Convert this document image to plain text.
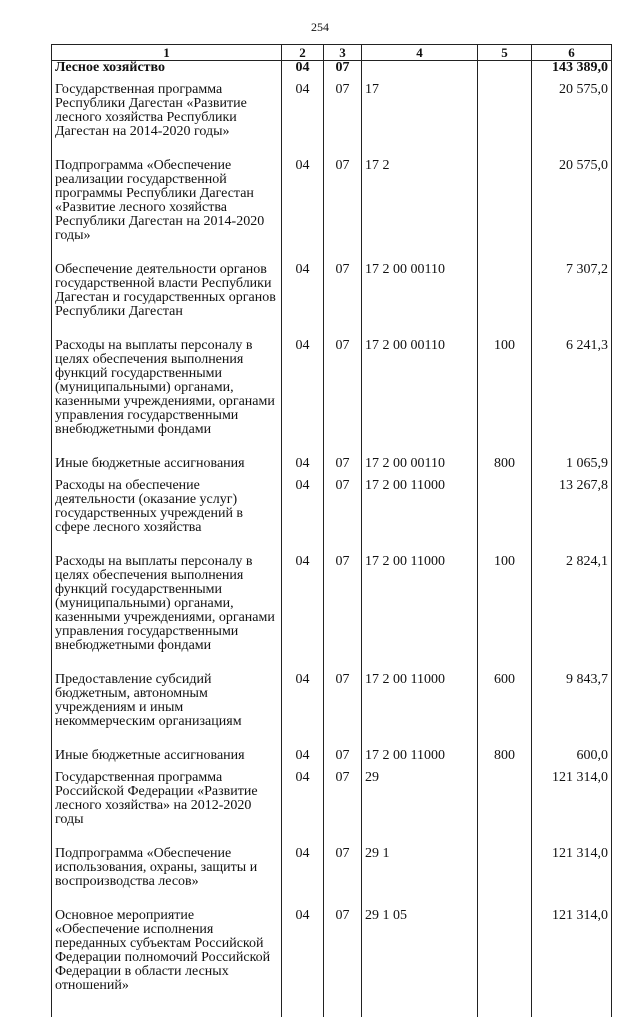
254
1	2	3	4	5	6
Лесное хозяйство	04	07			143 389,0
Государственная программа Республики Дагестан «Развитие лесного хозяйства Республики Дагестан на 2014-2020 годы»	04	07	17		20 575,0
Подпрограмма «Обеспечение реализации государственной программы Республики Дагестан «Развитие лесного хозяйства Республики Дагестан на 2014-2020 годы»	04	07	17 2		20 575,0
Обеспечение деятельности органов государственной власти Республики Дагестан и государственных органов Республики Дагестан	04	07	17 2 00 00110		7 307,2
Расходы на выплаты персоналу в целях обеспечения выполнения функций государственными (муниципальными) органами, казенными учреждениями, органами управления государственными внебюджетными фондами	04	07	17 2 00 00110	100	6 241,3
Иные бюджетные ассигнования	04	07	17 2 00 00110	800	1 065,9
Расходы на обеспечение деятельности (оказание услуг) государственных учреждений в сфере лесного хозяйства	04	07	17 2 00 11000		13 267,8
Расходы на выплаты персоналу в целях обеспечения выполнения функций государственными (муниципальными) органами, казенными учреждениями, органами управления государственными внебюджетными фондами	04	07	17 2 00 11000	100	2 824,1
Предоставление субсидий бюджетным, автономным учреждениям и иным некоммерческим организациям	04	07	17 2 00 11000	600	9 843,7
Иные бюджетные ассигнования	04	07	17 2 00 11000	800	600,0
Государственная программа Российской Федерации «Развитие лесного хозяйства» на 2012-2020 годы	04	07	29		121 314,0
Подпрограмма «Обеспечение использования, охраны, защиты и воспроизводства лесов»	04	07	29 1		121 314,0
Основное мероприятие «Обеспечение исполнения переданных субъектам Российской Федерации полномочий Российской Федерации в области лесных отношений»	04	07	29 1 05		121 314,0
